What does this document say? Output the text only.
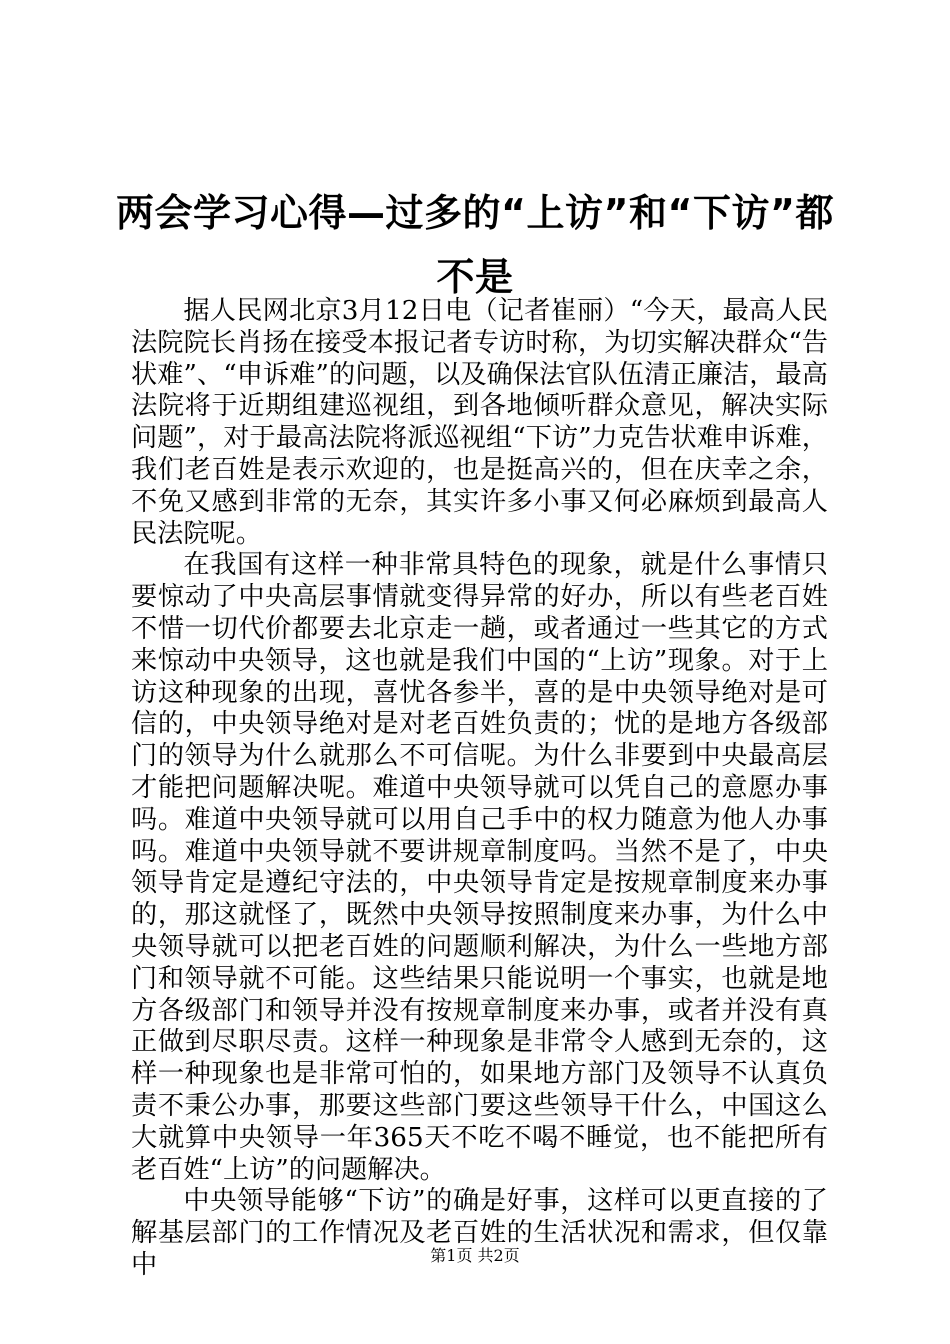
两会学习心得—过多的“上访”和“下访”都不是

据人民网北京3月12日电（记者崔丽）“今天，最高人民法院院长肖扬在接受本报记者专访时称，为切实解决群众“告状难”、“申诉难”的问题，以及确保法官队伍清正廉洁，最高法院将于近期组建巡视组，到各地倾听群众意见，解决实际问题”，对于最高法院将派巡视组“下访”力克告状难申诉难，我们老百姓是表示欢迎的，也是挺高兴的，但在庆幸之余，不免又感到非常的无奈，其实许多小事又何必麻烦到最高人民法院呢。

在我国有这样一种非常具特色的现象，就是什么事情只要惊动了中央高层事情就变得异常的好办，所以有些老百姓不惜一切代价都要去北京走一趟，或者通过一些其它的方式来惊动中央领导，这也就是我们中国的“上访”现象。对于上访这种现象的出现，喜忧各参半，喜的是中央领导绝对是可信的，中央领导绝对是对老百姓负责的；忧的是地方各级部门的领导为什么就那么不可信呢。为什么非要到中央最高层才能把问题解决呢。难道中央领导就可以凭自己的意愿办事吗。难道中央领导就可以用自己手中的权力随意为他人办事吗。难道中央领导就不要讲规章制度吗。当然不是了，中央领导肯定是遵纪守法的，中央领导肯定是按规章制度来办事的，那这就怪了，既然中央领导按照制度来办事，为什么中央领导就可以把老百姓的问题顺利解决，为什么一些地方部门和领导就不可能。这些结果只能说明一个事实，也就是地方各级部门和领导并没有按规章制度来办事，或者并没有真正做到尽职尽责。这样一种现象是非常令人感到无奈的，这样一种现象也是非常可怕的，如果地方部门及领导不认真负责不秉公办事，那要这些部门要这些领导干什么，中国这么大就算中央领导一年365天不吃不喝不睡觉，也不能把所有老百姓“上访”的问题解决。

中央领导能够“下访”的确是好事，这样可以更直接的了解基层部门的工作情况及老百姓的生活状况和需求，但仅靠中	第1页 共2页
